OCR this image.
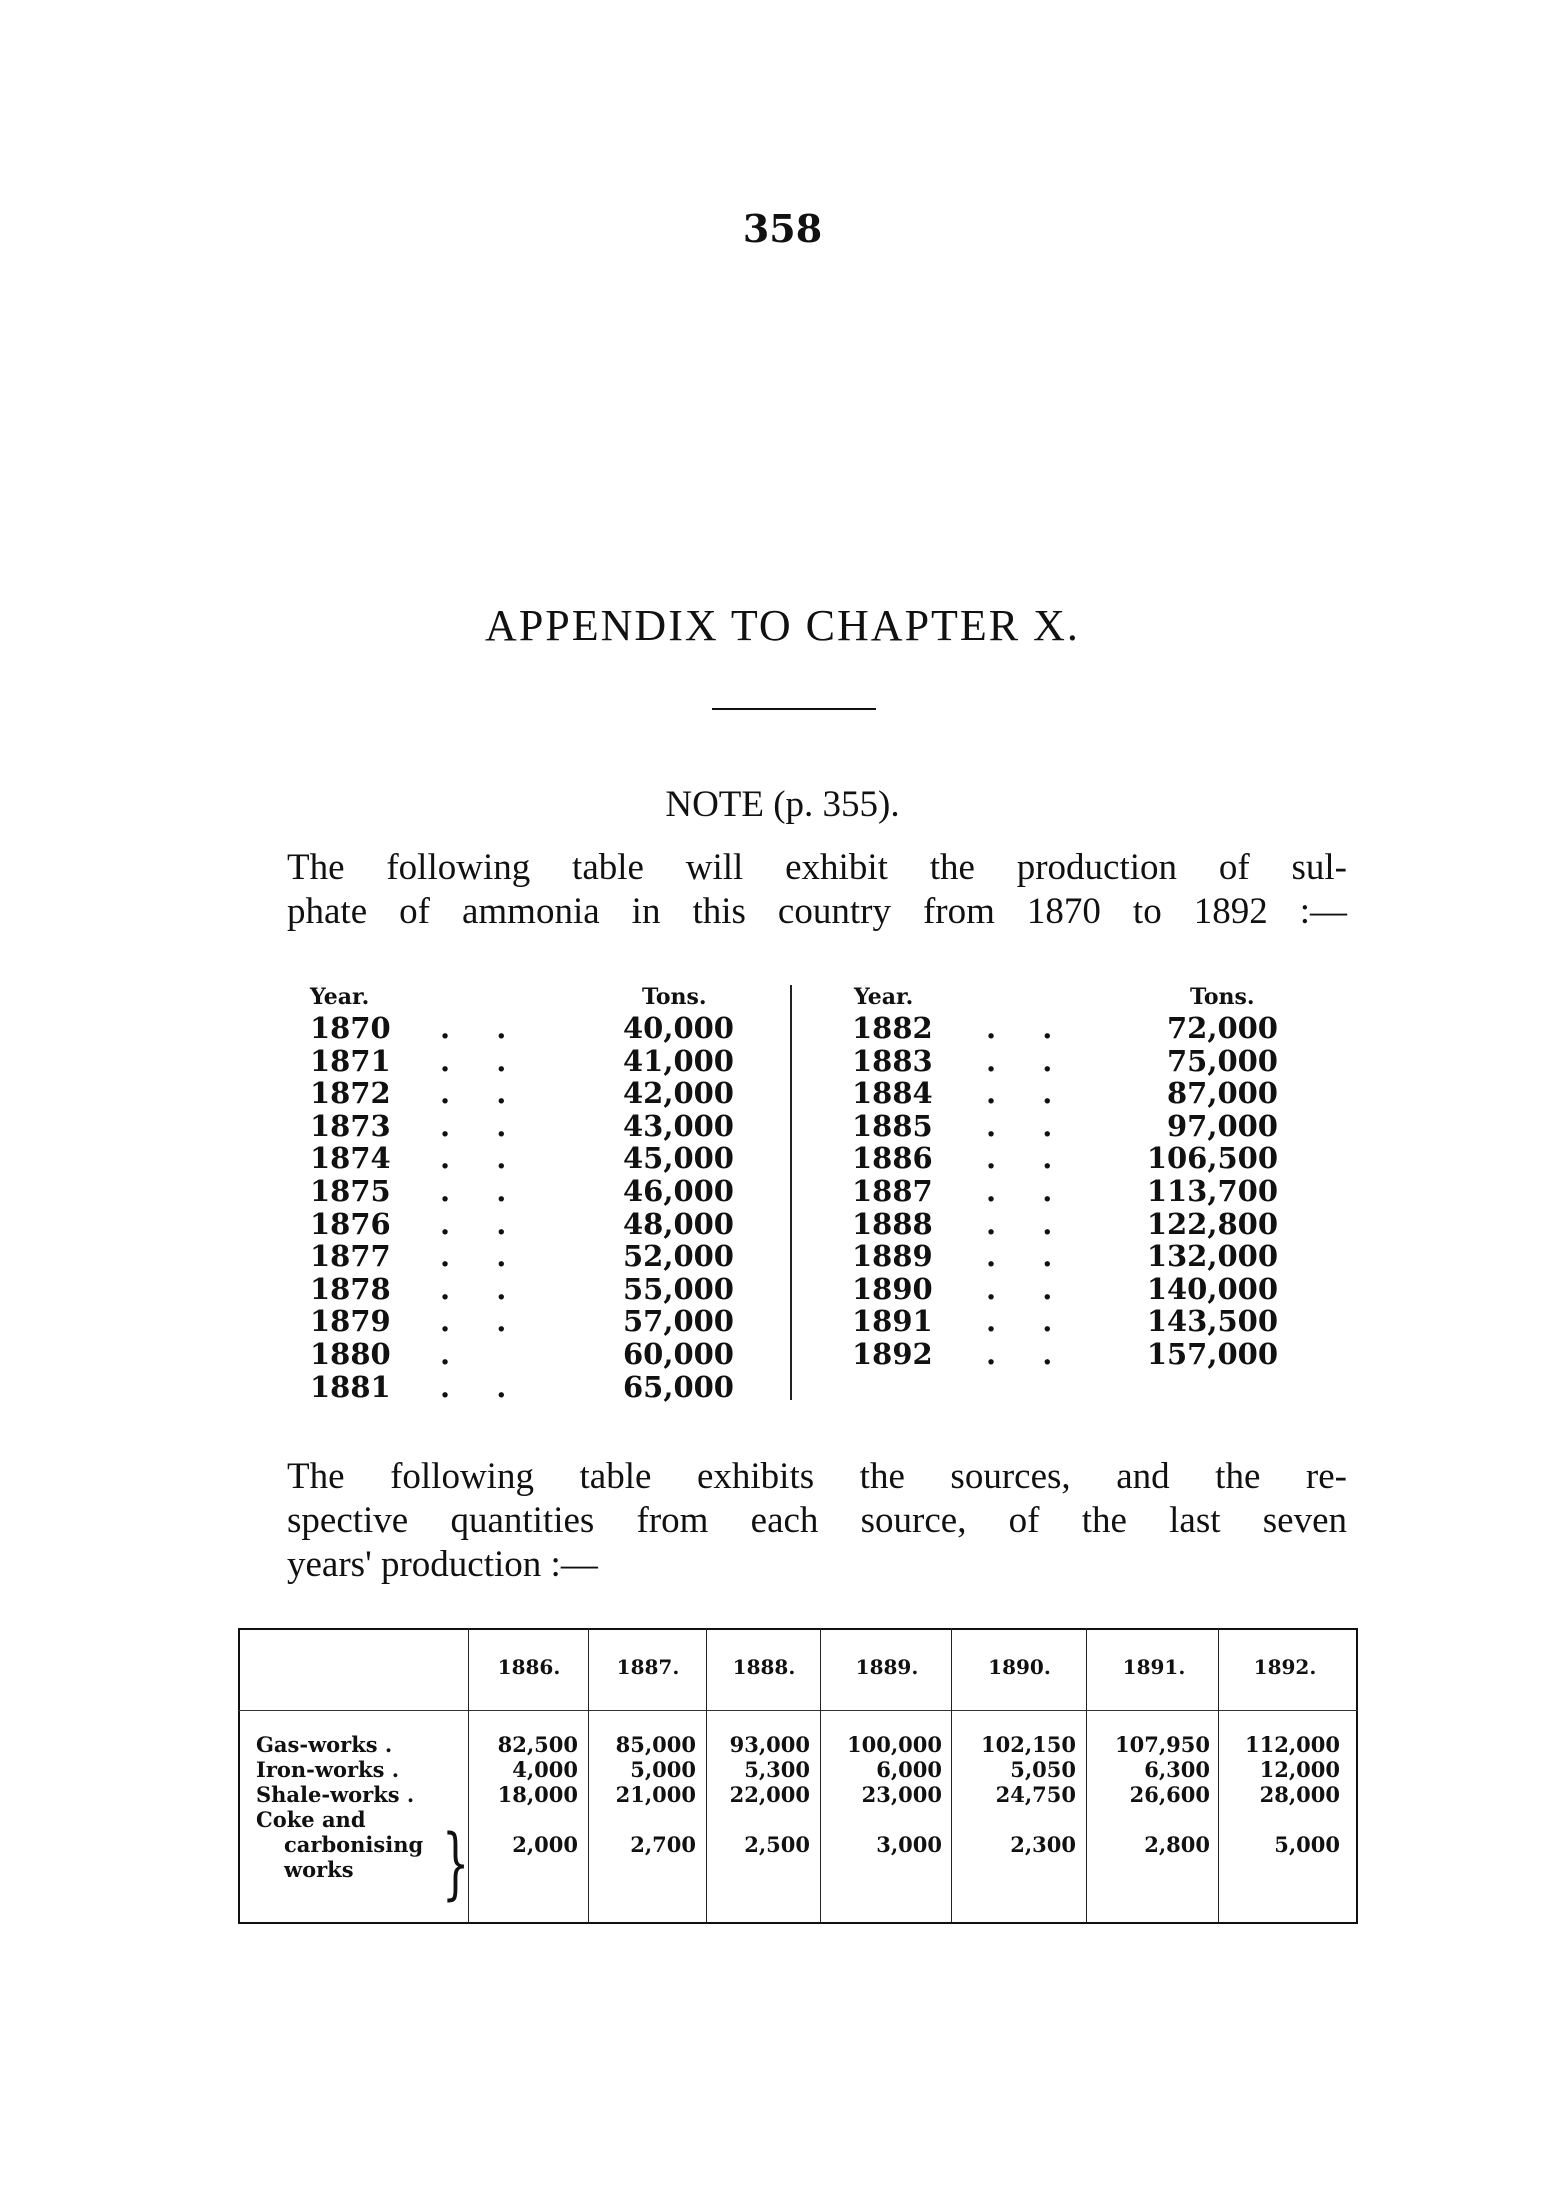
358
APPENDIX TO CHAPTER X.
NOTE (p. 355).
The following table will exhibit the production of sul-
phate of ammonia in this country from 1870 to 1892 :—
Year.	Tons.	Year.	Tons.
1870 . .	40,000
1871 . .	41,000
1872 . .	42,000
1873 . .	43,000
1874 . .	45,000
1875 . .	46,000
1876 . .	48,000
1877 . .	52,000
1878 . .	55,000
1879 . .	57,000
1880 .	60,000
1881 . .	65,000
1882 . .	72,000
1883 . .	75,000
1884 . .	87,000
1885 . .	97,000
1886 . .	106,500
1887 . .	113,700
1888 . .	122,800
1889 . .	132,000
1890 . .	140,000
1891 . .	143,500
1892 . .	157,000
The following table exhibits the sources, and the re-
spective quantities from each source, of the last seven
years' production :—
}
1886.	1887.	1888.	1889.	1890.	1891.	1892.
Gas-works .	82,500	85,000	93,000	100,000	102,150	107,950	112,000
Iron-works .	4,000	5,000	5,300	6,000	5,050	6,300	12,000
Shale-works .	18,000	21,000	22,000	23,000	24,750	26,600	28,000
Coke and
carbonising
works
2,000	2,700	2,500	3,000	2,300	2,800	5,000
